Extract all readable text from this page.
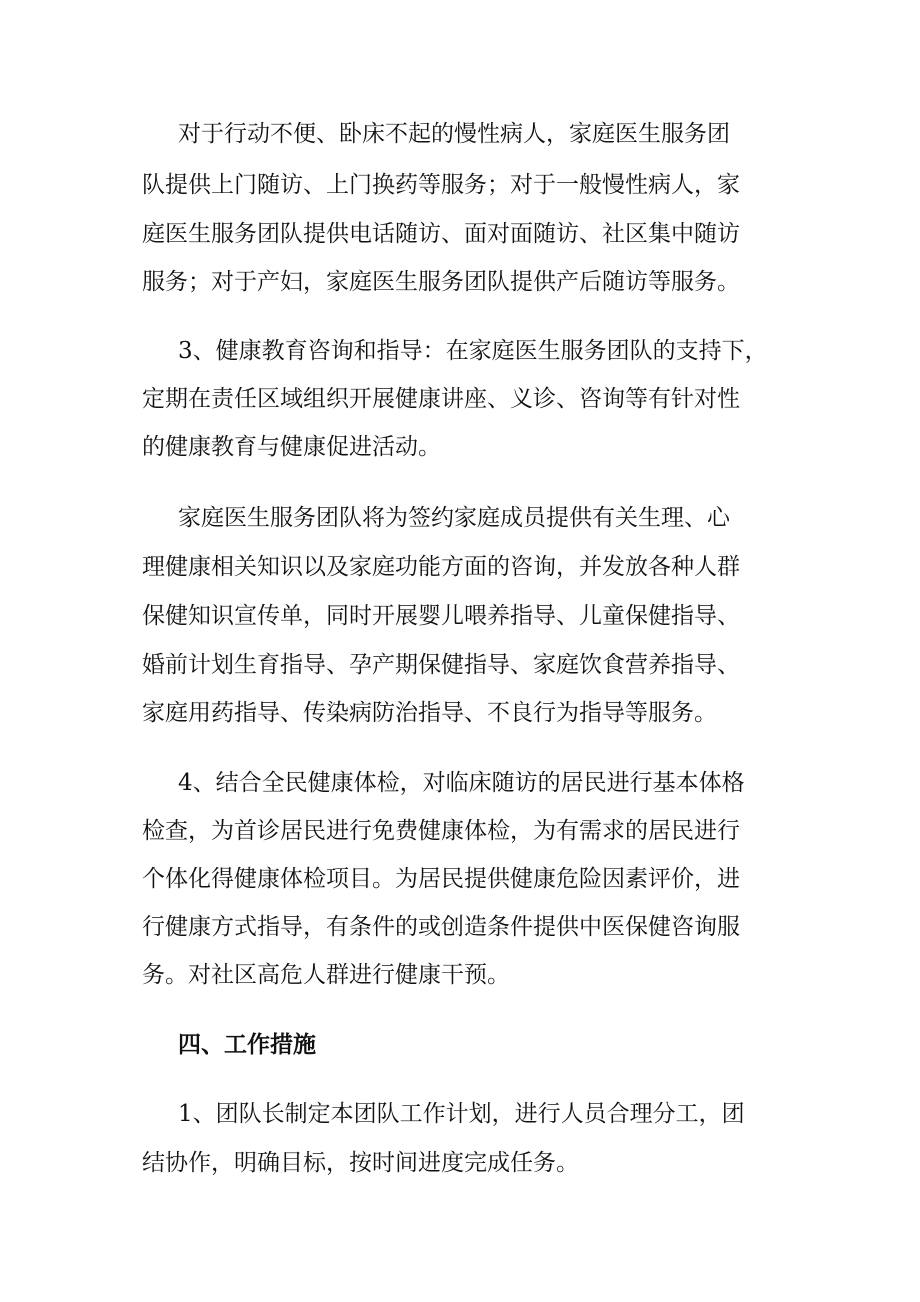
对于行动不便、卧床不起的慢性病人，家庭医生服务团
队提供上门随访、上门换药等服务；对于一般慢性病人，家
庭医生服务团队提供电话随访、面对面随访、社区集中随访
服务；对于产妇，家庭医生服务团队提供产后随访等服务。
3、健康教育咨询和指导：在家庭医生服务团队的支持下，
定期在责任区域组织开展健康讲座、义诊、咨询等有针对性
的健康教育与健康促进活动。
家庭医生服务团队将为签约家庭成员提供有关生理、心
理健康相关知识以及家庭功能方面的咨询，并发放各种人群
保健知识宣传单，同时开展婴儿喂养指导、儿童保健指导、
婚前计划生育指导、孕产期保健指导、家庭饮食营养指导、
家庭用药指导、传染病防治指导、不良行为指导等服务。
4、结合全民健康体检，对临床随访的居民进行基本体格
检查，为首诊居民进行免费健康体检，为有需求的居民进行
个体化得健康体检项目。为居民提供健康危险因素评价，进
行健康方式指导，有条件的或创造条件提供中医保健咨询服
务。对社区高危人群进行健康干预。
四、工作措施
1、团队长制定本团队工作计划，进行人员合理分工，团
结协作，明确目标，按时间进度完成任务。
